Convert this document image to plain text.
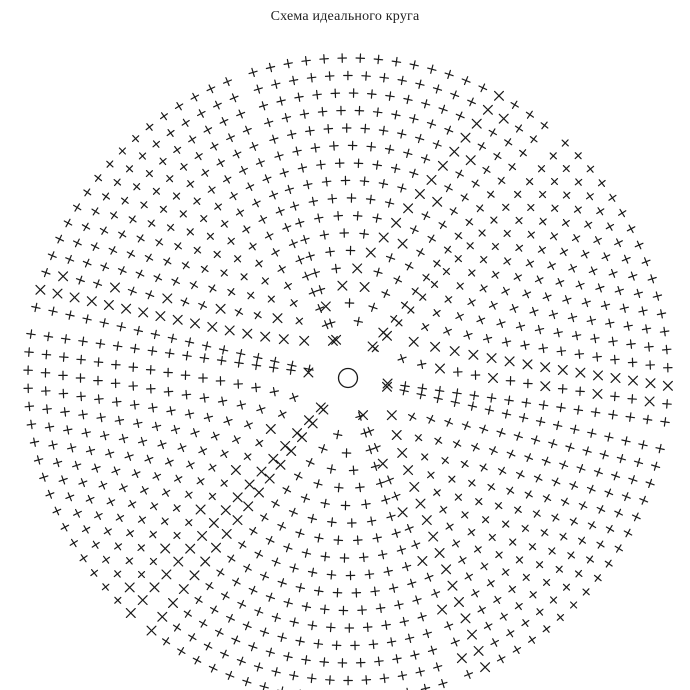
Схема идеального круга
